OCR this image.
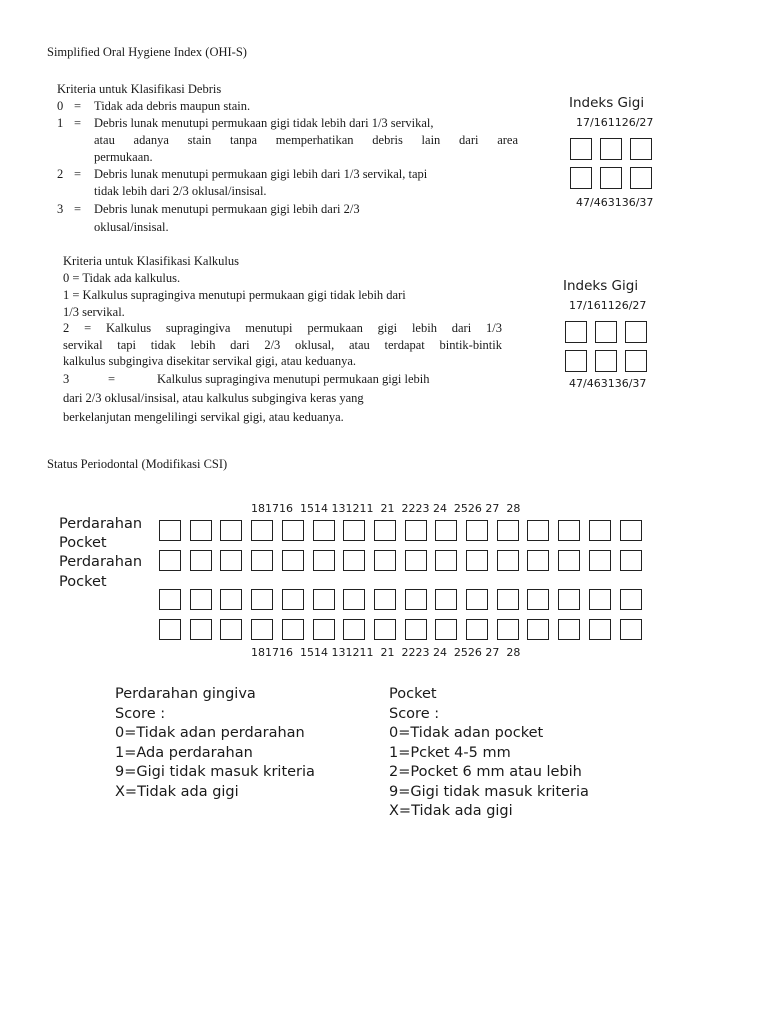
Simplified Oral Hygiene Index (OHI-S)
Kriteria untuk Klasifikasi Debris
0 = Tidak ada debris maupun stain.
1 = Debris lunak menutupi permukaan gigi tidak lebih dari 1/3 servikal,
atau adanya stain tanpa memperhatikan debris lain dari area
permukaan.
2 = Debris lunak menutupi permukaan gigi lebih dari 1/3 servikal, tapi
tidak lebih dari 2/3 oklusal/insisal.
3 = Debris lunak menutupi permukaan gigi lebih dari 2/3
oklusal/insisal.
Indeks Gigi
17/161126/27
47/463136/37
Kriteria untuk Klasifikasi Kalkulus
0 = Tidak ada kalkulus.
1 = Kalkulus supragingiva menutupi permukaan gigi tidak lebih dari
1/3 servikal.
2 = Kalkulus supragingiva menutupi permukaan gigi lebih dari 1/3
servikal tapi tidak lebih dari 2/3 oklusal, atau terdapat bintik-bintik
kalkulus subgingiva disekitar servikal gigi, atau keduanya.
3	=	Kalkulus supragingiva menutupi permukaan gigi lebih
dari 2/3 oklusal/insisal, atau kalkulus subgingiva keras yang
berkelanjutan mengelilingi servikal gigi, atau keduanya.
Indeks Gigi
17/161126/27
47/463136/37
Status Periodontal (Modifikasi CSI)
181716  1514 131211  21  2223 24  2526 27  28
Perdarahan
Pocket
Perdarahan
Pocket
181716  1514 131211  21  2223 24  2526 27  28
Perdarahan gingiva
Score :
0=Tidak adan perdarahan
1=Ada perdarahan
9=Gigi tidak masuk kriteria
X=Tidak ada gigi
Pocket
Score :
0=Tidak adan pocket
1=Pcket 4-5 mm
2=Pocket 6 mm atau lebih
9=Gigi tidak masuk kriteria
X=Tidak ada gigi
